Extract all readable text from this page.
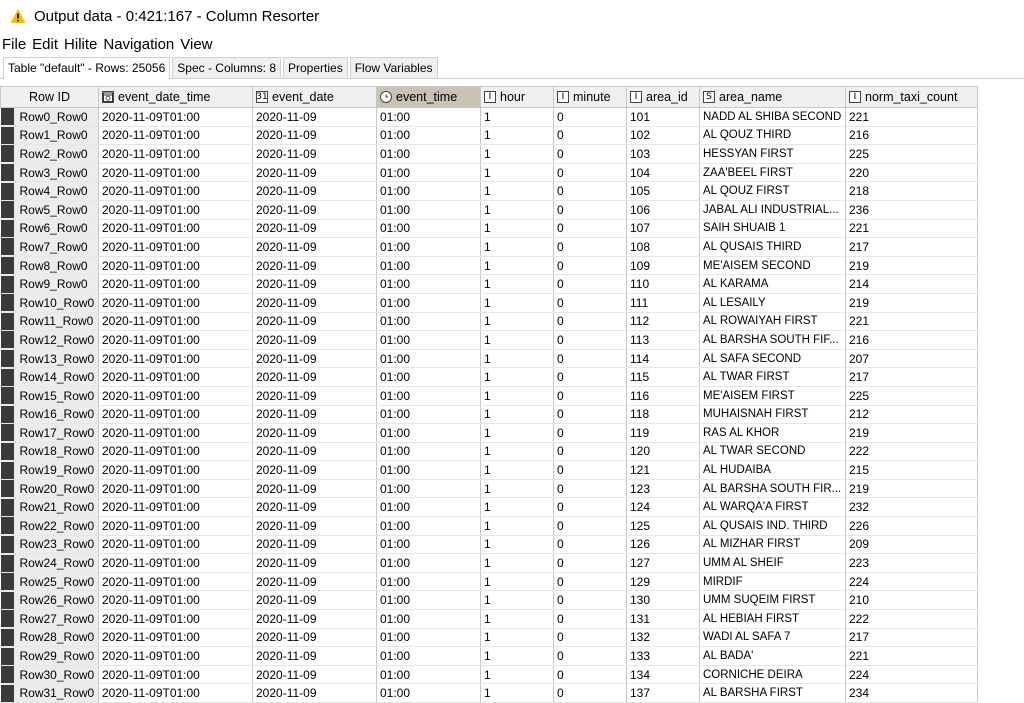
Output data - 0:421:167 - Column Resorter
File Edit Hilite Navigation View
Table "default" - Rows: 25056	Spec - Columns: 8	Properties	Flow Variables
Row ID	event_date_time	31 event_date	event_time	I hour	I minute	I area_id	S area_name	I norm_taxi_count

Row0_Row0	2020-11-09T01:00	2020-11-09	01:00	1	0	101	NADD AL SHIBA SECOND	221

Row1_Row0	2020-11-09T01:00	2020-11-09	01:00	1	0	102	AL QOUZ THIRD	216

Row2_Row0	2020-11-09T01:00	2020-11-09	01:00	1	0	103	HESSYAN FIRST	225

Row3_Row0	2020-11-09T01:00	2020-11-09	01:00	1	0	104	ZAA'BEEL FIRST	220

Row4_Row0	2020-11-09T01:00	2020-11-09	01:00	1	0	105	AL QOUZ FIRST	218

Row5_Row0	2020-11-09T01:00	2020-11-09	01:00	1	0	106	JABAL ALI INDUSTRIAL...	236

Row6_Row0	2020-11-09T01:00	2020-11-09	01:00	1	0	107	SAIH SHUAIB 1	221

Row7_Row0	2020-11-09T01:00	2020-11-09	01:00	1	0	108	AL QUSAIS THIRD	217

Row8_Row0	2020-11-09T01:00	2020-11-09	01:00	1	0	109	ME'AISEM SECOND	219

Row9_Row0	2020-11-09T01:00	2020-11-09	01:00	1	0	110	AL KARAMA	214

Row10_Row0	2020-11-09T01:00	2020-11-09	01:00	1	0	111	AL LESAILY	219

Row11_Row0	2020-11-09T01:00	2020-11-09	01:00	1	0	112	AL ROWAIYAH FIRST	221

Row12_Row0	2020-11-09T01:00	2020-11-09	01:00	1	0	113	AL BARSHA SOUTH FIF...	216

Row13_Row0	2020-11-09T01:00	2020-11-09	01:00	1	0	114	AL SAFA SECOND	207

Row14_Row0	2020-11-09T01:00	2020-11-09	01:00	1	0	115	AL TWAR FIRST	217

Row15_Row0	2020-11-09T01:00	2020-11-09	01:00	1	0	116	ME'AISEM FIRST	225

Row16_Row0	2020-11-09T01:00	2020-11-09	01:00	1	0	118	MUHAISNAH FIRST	212

Row17_Row0	2020-11-09T01:00	2020-11-09	01:00	1	0	119	RAS AL KHOR	219

Row18_Row0	2020-11-09T01:00	2020-11-09	01:00	1	0	120	AL TWAR SECOND	222

Row19_Row0	2020-11-09T01:00	2020-11-09	01:00	1	0	121	AL HUDAIBA	215

Row20_Row0	2020-11-09T01:00	2020-11-09	01:00	1	0	123	AL BARSHA SOUTH FIR...	219

Row21_Row0	2020-11-09T01:00	2020-11-09	01:00	1	0	124	AL WARQA'A FIRST	232

Row22_Row0	2020-11-09T01:00	2020-11-09	01:00	1	0	125	AL QUSAIS IND. THIRD	226

Row23_Row0	2020-11-09T01:00	2020-11-09	01:00	1	0	126	AL MIZHAR FIRST	209

Row24_Row0	2020-11-09T01:00	2020-11-09	01:00	1	0	127	UMM AL SHEIF	223

Row25_Row0	2020-11-09T01:00	2020-11-09	01:00	1	0	129	MIRDIF	224

Row26_Row0	2020-11-09T01:00	2020-11-09	01:00	1	0	130	UMM SUQEIM FIRST	210

Row27_Row0	2020-11-09T01:00	2020-11-09	01:00	1	0	131	AL HEBIAH FIRST	222

Row28_Row0	2020-11-09T01:00	2020-11-09	01:00	1	0	132	WADI AL SAFA 7	217

Row29_Row0	2020-11-09T01:00	2020-11-09	01:00	1	0	133	AL BADA'	221

Row30_Row0	2020-11-09T01:00	2020-11-09	01:00	1	0	134	CORNICHE DEIRA	224

Row31_Row0	2020-11-09T01:00	2020-11-09	01:00	1	0	137	AL BARSHA FIRST	234
